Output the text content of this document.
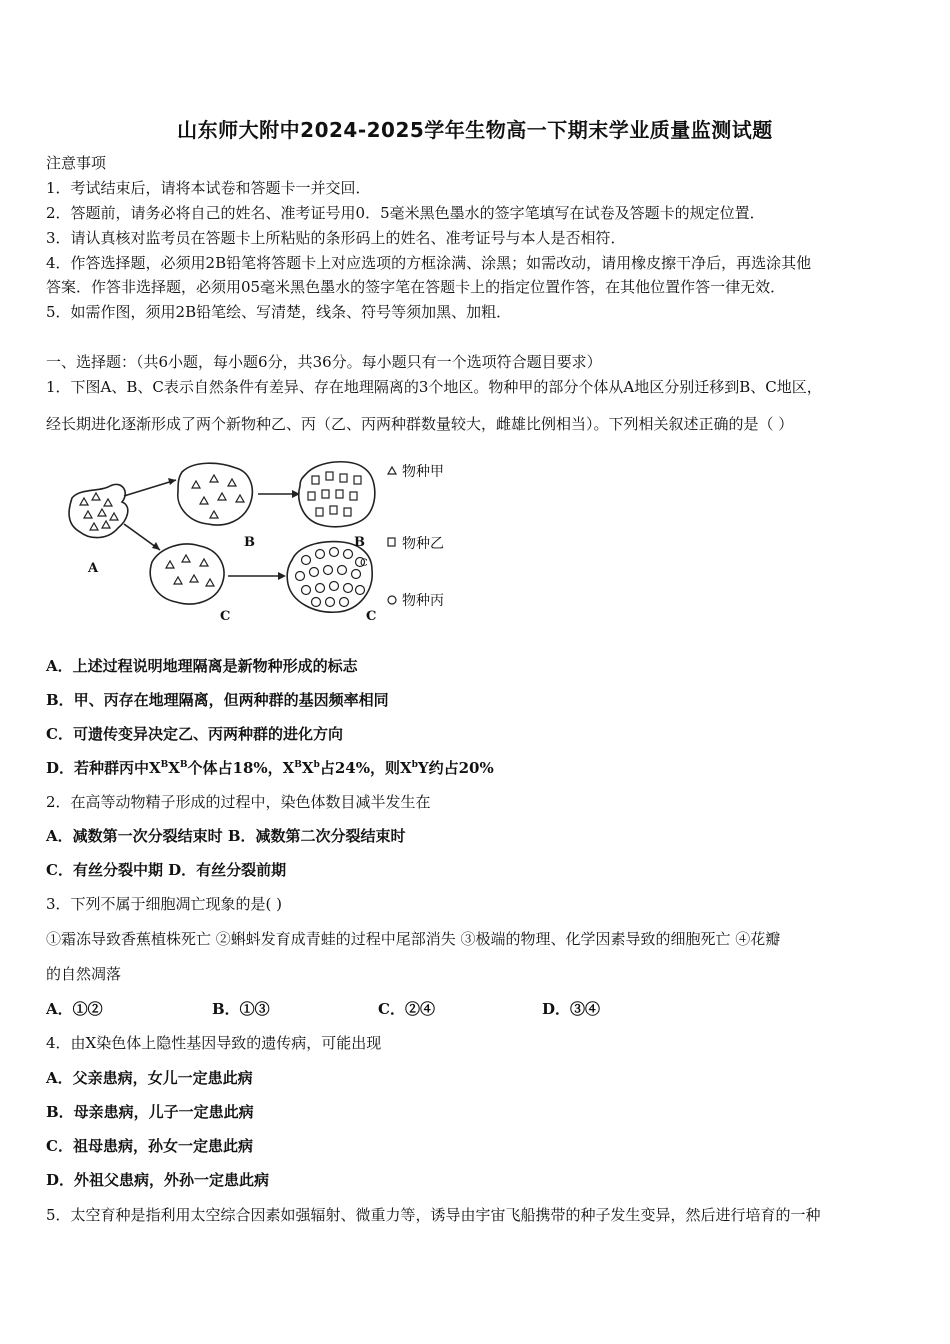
山东师大附中2024-2025学年生物高一下期末学业质量监测试题
注意事项
1．考试结束后，请将本试卷和答题卡一并交回．
2．答题前，请务必将自己的姓名、准考证号用0．5毫米黑色墨水的签字笔填写在试卷及答题卡的规定位置．
3．请认真核对监考员在答题卡上所粘贴的条形码上的姓名、准考证号与本人是否相符．
4．作答选择题，必须用2B铅笔将答题卡上对应选项的方框涂满、涂黑；如需改动，请用橡皮擦干净后，再选涂其他
答案．作答非选择题，必须用05毫米黑色墨水的签字笔在答题卡上的指定位置作答，在其他位置作答一律无效．
5．如需作图，须用2B铅笔绘、写清楚，线条、符号等须加黑、加粗．
一、选择题：（共6小题，每小题6分，共36分。每小题只有一个选项符合题目要求）
1．下图A、B、C表示自然条件有差异、存在地理隔离的3个地区。物种甲的部分个体从A地区分别迁移到B、C地区，
经长期进化逐渐形成了两个新物种乙、丙（乙、丙两种群数量较大，雌雄比例相当）。下列相关叙述正确的是（ ）
A
B
C
B
C
C
物种甲
物种乙
物种丙
A．上述过程说明地理隔离是新物种形成的标志
B．甲、丙存在地理隔离，但两种群的基因频率相同
C．可遗传变异决定乙、丙两种群的进化方向
D．若种群丙中$X^BX^B$个体占18%，$X^BX^b$占24%，则$X^bY$约占20%
2．在高等动物精子形成的过程中，染色体数目减半发生在
A．减数第一次分裂结束时 B．减数第二次分裂结束时
C．有丝分裂中期 D．有丝分裂前期
3．下列不属于细胞凋亡现象的是( )
①霜冻导致香蕉植株死亡 ②蝌蚪发育成青蛙的过程中尾部消失 ③极端的物理、化学因素导致的细胞死亡 ④花瓣
的自然凋落
A．①②	B．①③	C．②④	D．③④
4．由X染色体上隐性基因导致的遗传病，可能出现
A．父亲患病，女儿一定患此病
B．母亲患病，儿子一定患此病
C．祖母患病，孙女一定患此病
D．外祖父患病，外孙一定患此病
5．太空育种是指利用太空综合因素如强辐射、微重力等，诱导由宇宙飞船携带的种子发生变异，然后进行培育的一种
